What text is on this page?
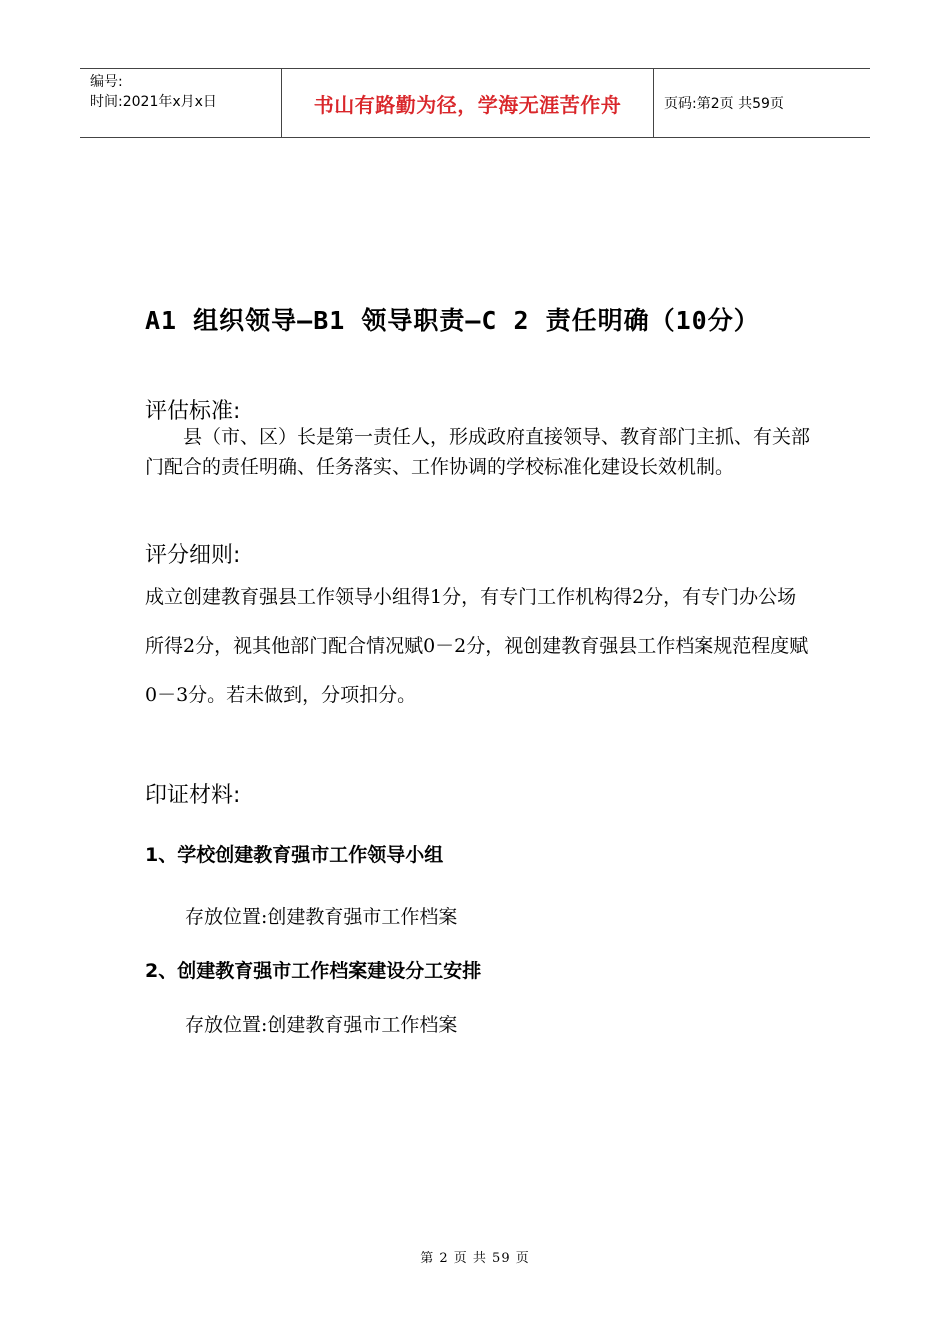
编号:
时间:2021年x月x日	书山有路勤为径，学海无涯苦作舟	页码:第2页 共59页
A1 组织领导—B1 领导职责—C 2 责任明确（10分）
评估标准:
县（市、区）长是第一责任人，形成政府直接领导、教育部门主抓、有关部门配合的责任明确、任务落实、工作协调的学校标准化建设长效机制。
评分细则:
成立创建教育强县工作领导小组得1分，有专门工作机构得2分，有专门办公场所得2分，视其他部门配合情况赋0－2分，视创建教育强县工作档案规范程度赋0－3分。若未做到，分项扣分。
印证材料:
1、学校创建教育强市工作领导小组
存放位置:创建教育强市工作档案
2、创建教育强市工作档案建设分工安排
存放位置:创建教育强市工作档案
第 2 页 共 59 页
